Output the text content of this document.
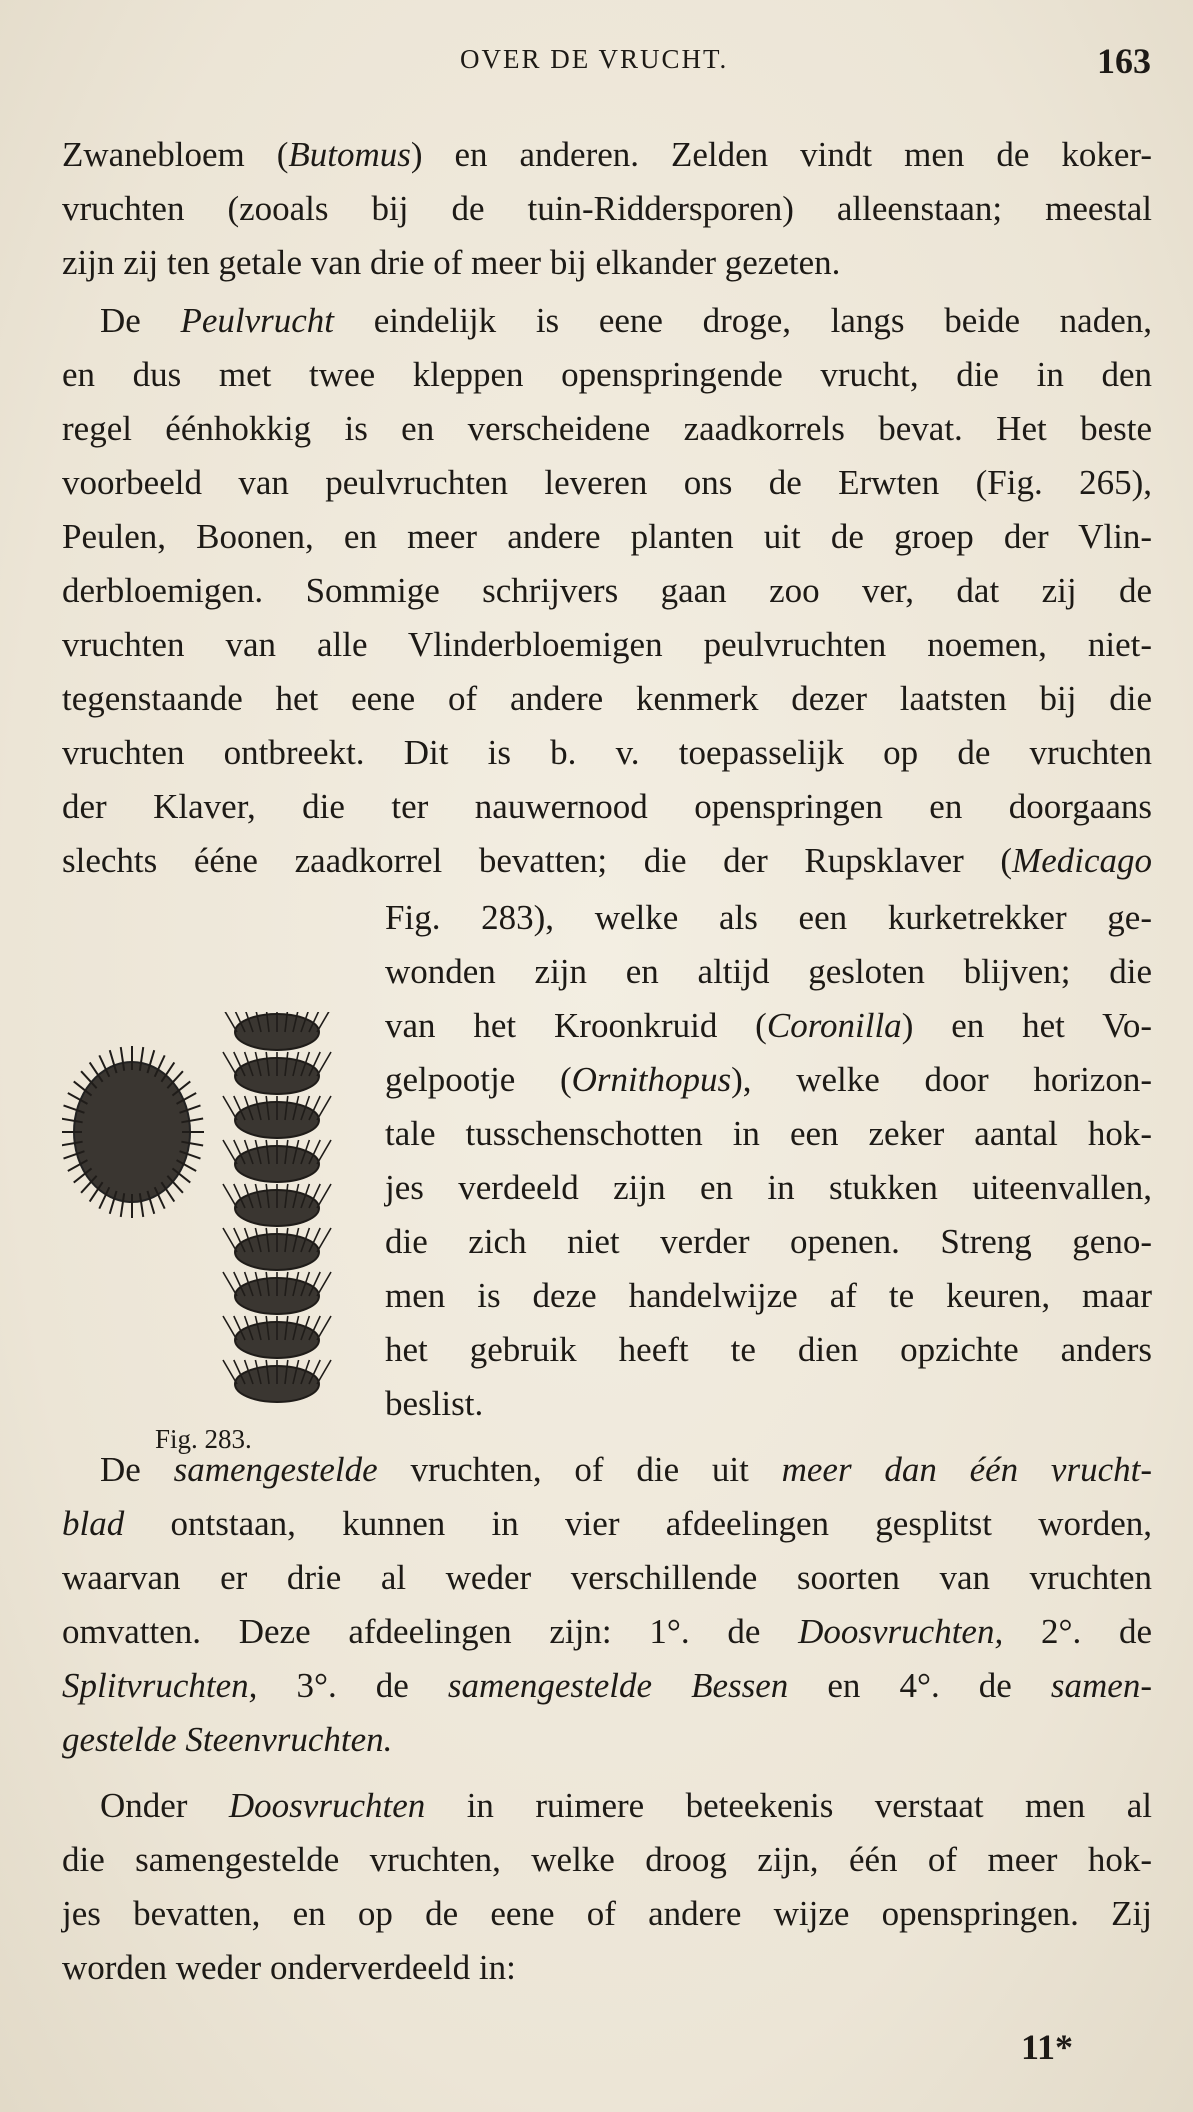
OVER DE VRUCHT.	163
Zwanebloem (Butomus) en anderen. Zelden vindt men de koker-
vruchten (zooals bij de tuin-Riddersporen) alleenstaan; meestal
zijn zij ten getale van drie of meer bij elkander gezeten.
De Peulvrucht eindelijk is eene droge, langs beide naden,
en dus met twee kleppen openspringende vrucht, die in den
regel éénhokkig is en verscheidene zaadkorrels bevat. Het beste
voorbeeld van peulvruchten leveren ons de Erwten (Fig. 265),
Peulen, Boonen, en meer andere planten uit de groep der Vlin-
derbloemigen. Sommige schrijvers gaan zoo ver, dat zij de
vruchten van alle Vlinderbloemigen peulvruchten noemen, niet-
tegenstaande het eene of andere kenmerk dezer laatsten bij die
vruchten ontbreekt. Dit is b. v. toepasselijk op de vruchten
der Klaver, die ter nauwernood openspringen en doorgaans
slechts ééne zaadkorrel bevatten; die der Rupsklaver (Medicago
Fig. 283), welke als een kurketrekker ge-
wonden zijn en altijd gesloten blijven; die
van het Kroonkruid (Coronilla) en het Vo-
gelpootje (Ornithopus), welke door horizon-
tale tusschenschotten in een zeker aantal hok-
jes verdeeld zijn en in stukken uiteenvallen,
die zich niet verder openen. Streng geno-
men is deze handelwijze af te keuren, maar
het gebruik heeft te dien opzichte anders
beslist.
De samengestelde vruchten, of die uit meer dan één vrucht-
blad ontstaan, kunnen in vier afdeelingen gesplitst worden,
waarvan er drie al weder verschillende soorten van vruchten
omvatten. Deze afdeelingen zijn: 1°. de Doosvruchten, 2°. de
Splitvruchten, 3°. de samengestelde Bessen en 4°. de samen-
gestelde Steenvruchten.
Onder Doosvruchten in ruimere beteekenis verstaat men al
die samengestelde vruchten, welke droog zijn, één of meer hok-
jes bevatten, en op de eene of andere wijze openspringen. Zij
worden weder onderverdeeld in:
Fig. 283.
11*
